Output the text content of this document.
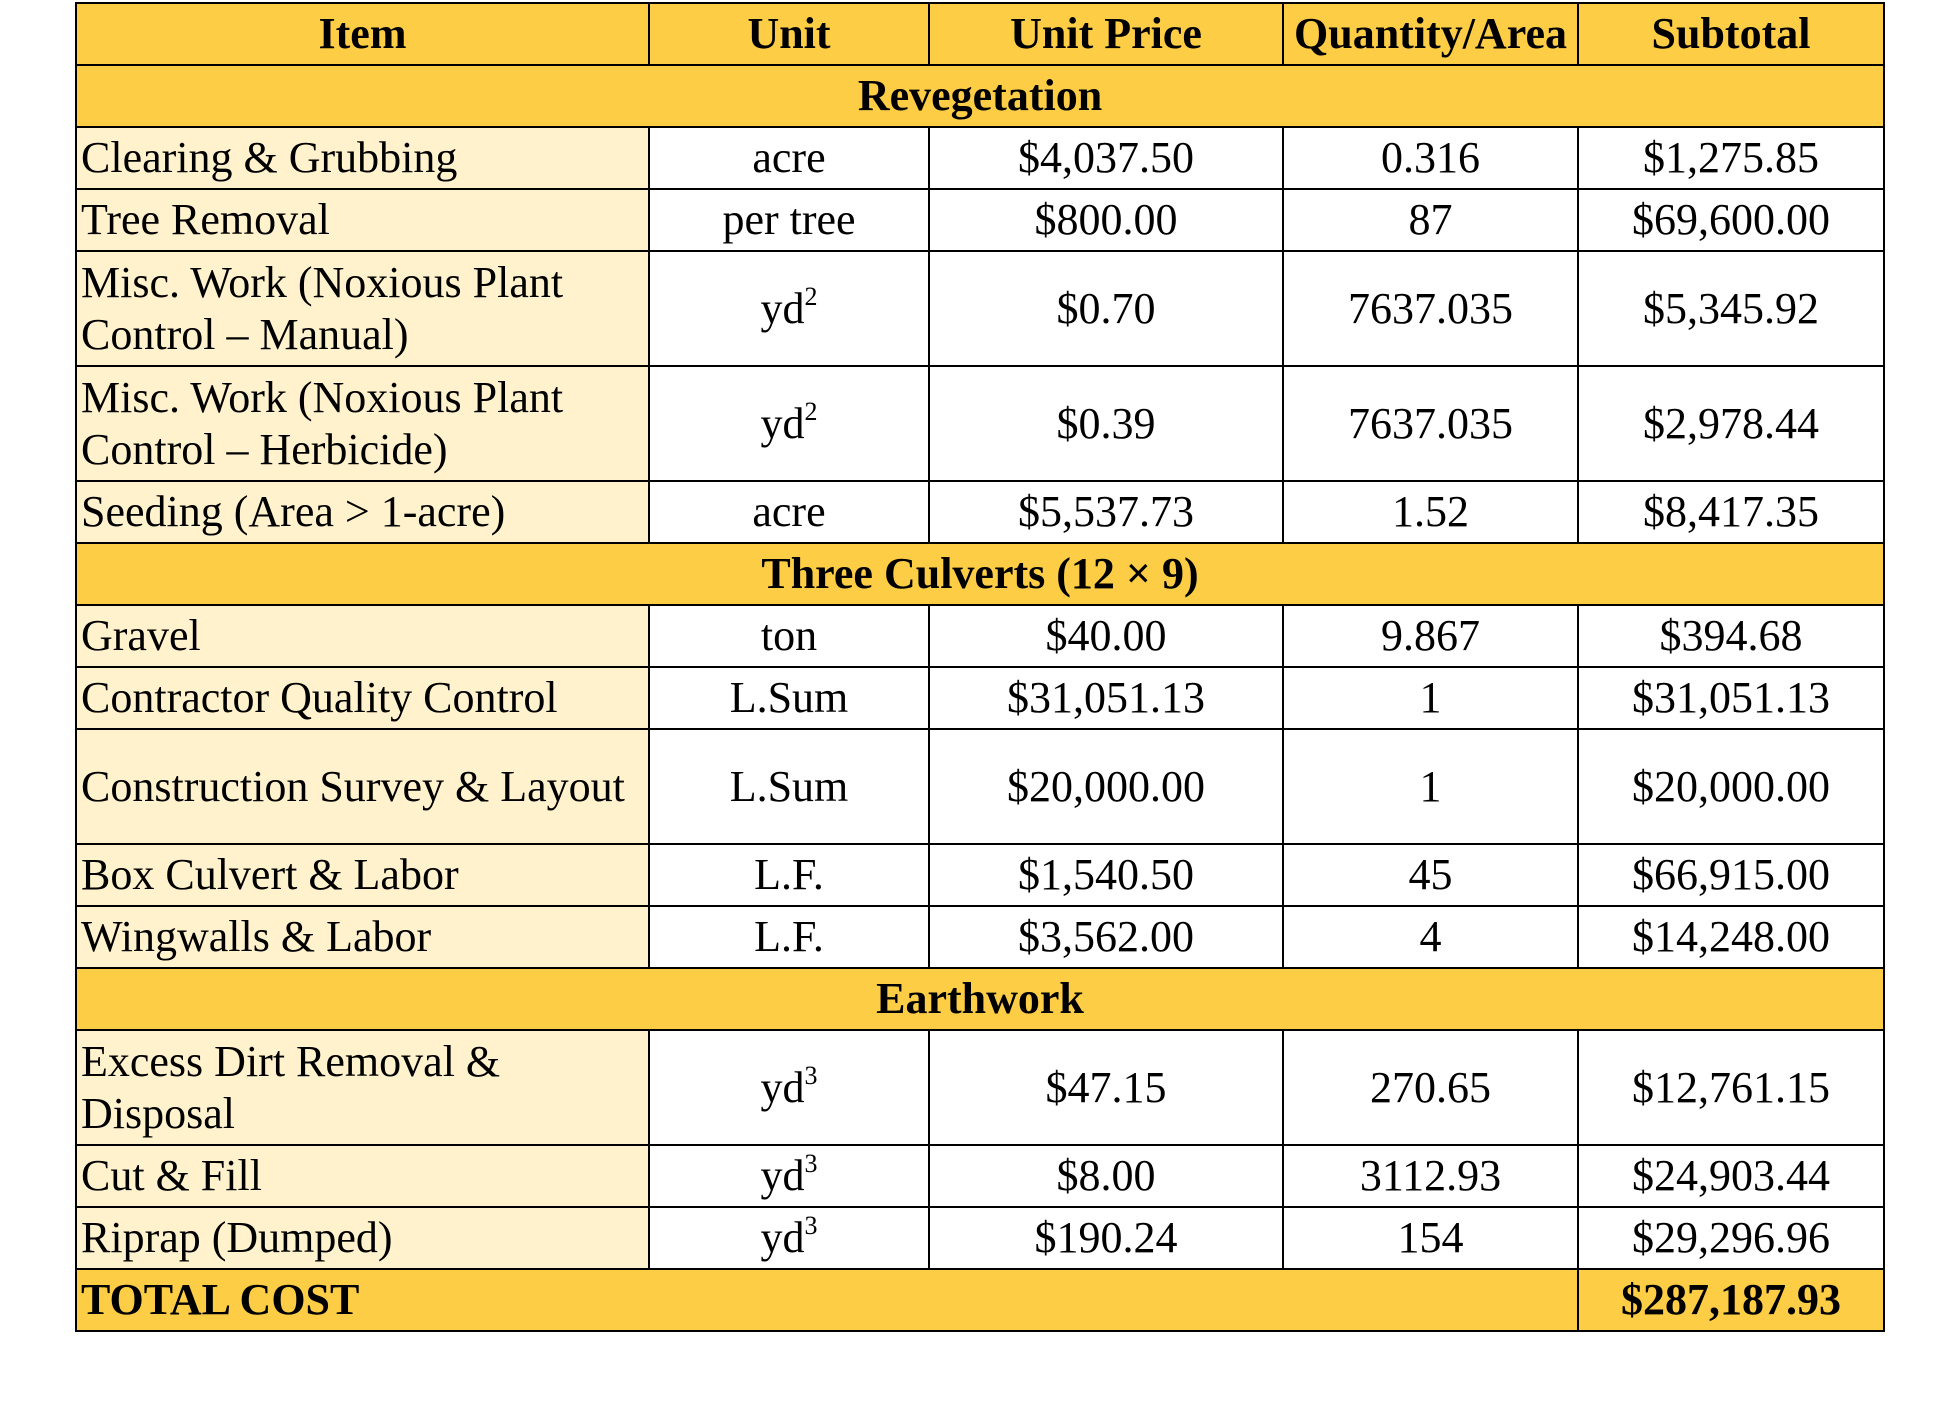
Item	Unit	Unit Price	Quantity/Area	Subtotal
Revegetation				
Clearing & Grubbing	acre	$4,037.50	0.316	$1,275.85
Tree Removal	per tree	$800.00	87	$69,600.00
Misc. Work (Noxious Plant Control – Manual)	$yd^2$	$0.70	7637.035	$5,345.92
Misc. Work (Noxious Plant Control – Herbicide)	$yd^2$	$0.39	7637.035	$2,978.44
Seeding (Area > 1-acre)	acre	$5,537.73	1.52	$8,417.35
Three Culverts (12 × 9)				
Gravel	ton	$40.00	9.867	$394.68
Contractor Quality Control	L.Sum	$31,051.13	1	$31,051.13
Construction Survey & Layout	L.Sum	$20,000.00	1	$20,000.00
Box Culvert & Labor	L.F.	$1,540.50	45	$66,915.00
Wingwalls & Labor	L.F.	$3,562.00	4	$14,248.00
Earthwork				
Excess Dirt Removal & Disposal	$yd^3$	$47.15	270.65	$12,761.15
Cut & Fill	$yd^3$	$8.00	3112.93	$24,903.44
Riprap (Dumped)	$yd^3$	$190.24	154	$29,296.96
TOTAL COST				$287,187.93
